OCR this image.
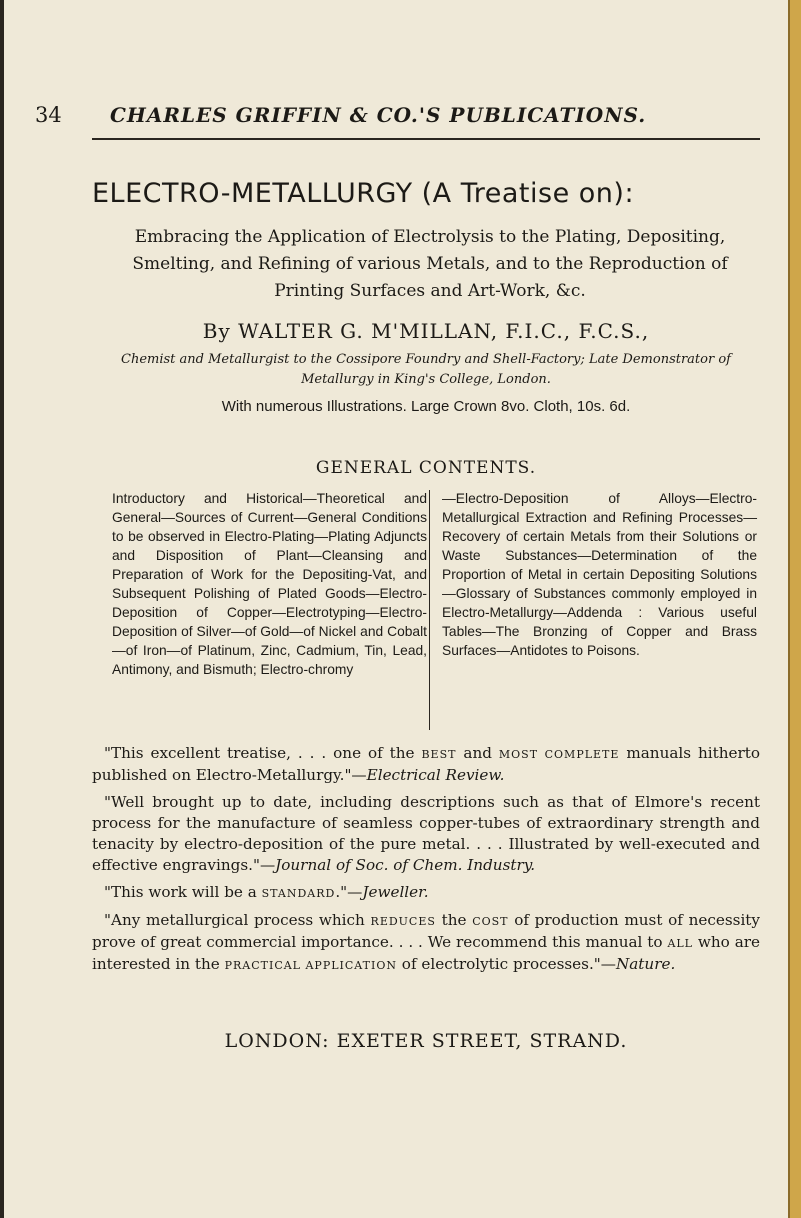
34 CHARLES GRIFFIN & CO.'S PUBLICATIONS.
ELECTRO-METALLURGY (A Treatise on):
Embracing the Application of Electrolysis to the Plating, Depositing, Smelting, and Refining of various Metals, and to the Reproduction of Printing Surfaces and Art-Work, &c.
By WALTER G. M'MILLAN, F.I.C., F.C.S.,
Chemist and Metallurgist to the Cossipore Foundry and Shell-Factory; Late Demonstrator of Metallurgy in King's College, London.
With numerous Illustrations. Large Crown 8vo. Cloth, 10s. 6d.
GENERAL CONTENTS.
Introductory and Historical—Theoretical and General—Sources of Current—General Conditions to be observed in Electro-Plating—Plating Adjuncts and Disposition of Plant—Cleansing and Preparation of Work for the Depositing-Vat, and Subsequent Polishing of Plated Goods—Electro-Deposition of Copper—Electrotyping—Electro-Deposition of Silver—of Gold—of Nickel and Cobalt—of Iron—of Platinum, Zinc, Cadmium, Tin, Lead, Antimony, and Bismuth; Electro-chromy
—Electro-Deposition of Alloys—Electro-Metallurgical Extraction and Refining Processes—Recovery of certain Metals from their Solutions or Waste Substances—Determination of the Proportion of Metal in certain Depositing Solutions—Glossary of Substances commonly employed in Electro-Metallurgy—Addenda : Various useful Tables—The Bronzing of Copper and Brass Surfaces—Antidotes to Poisons.

"This excellent treatise, . . . one of the BEST and MOST COMPLETE manuals hitherto published on Electro-Metallurgy."—Electrical Review.

"Well brought up to date, including descriptions such as that of Elmore's recent process for the manufacture of seamless copper-tubes of extraordinary strength and tenacity by electro-deposition of the pure metal. . . . Illustrated by well-executed and effective engravings."—Journal of Soc. of Chem. Industry.

"This work will be a STANDARD."—Jeweller.

"Any metallurgical process which REDUCES the COST of production must of necessity prove of great commercial importance. . . . We recommend this manual to ALL who are interested in the PRACTICAL APPLICATION of electrolytic processes."—Nature.

LONDON: EXETER STREET, STRAND.
